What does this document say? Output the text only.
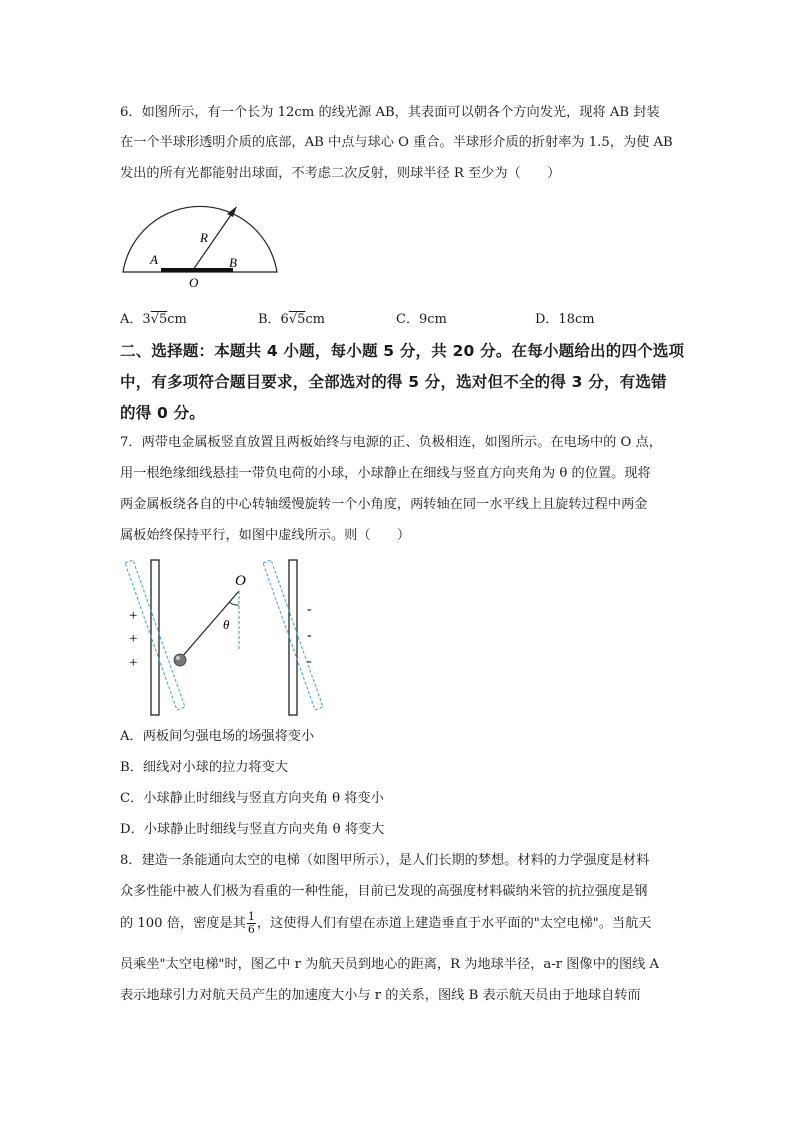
6．如图所示，有一个长为 12cm 的线光源 AB，其表面可以朝各个方向发光，现将 AB 封装
在一个半球形透明介质的底部，AB 中点与球心 O 重合。半球形介质的折射率为 1.5，为使 AB
发出的所有光都能射出球面，不考虑二次反射，则球半径 R 至少为（　　）
R
A	B
O
A．3√5cm	B．6√5cm	C．9cm	D．18cm
二、选择题：本题共 4 小题，每小题 5 分，共 20 分。在每小题给出的四个选项
中，有多项符合题目要求，全部选对的得 5 分，选对但不全的得 3 分，有选错
的得 0 分。
7．两带电金属板竖直放置且两板始终与电源的正、负极相连，如图所示。在电场中的 O 点，
用一根绝缘细线悬挂一带负电荷的小球，小球静止在细线与竖直方向夹角为 θ 的位置。现将
两金属板绕各自的中心转轴缓慢旋转一个小角度，两转轴在同一水平线上且旋转过程中两金
属板始终保持平行，如图中虚线所示。则（　　）
+
+
+
-
-
-
O
θ
A．两板间匀强电场的场强将变小
B．细线对小球的拉力将变大
C．小球静止时细线与竖直方向夹角 θ 将变小
D．小球静止时细线与竖直方向夹角 θ 将变大
8．建造一条能通向太空的电梯（如图甲所示），是人们长期的梦想。材料的力学强度是材料
众多性能中被人们极为看重的一种性能，目前已发现的高强度材料碳纳米管的抗拉强度是钢
的 100 倍，密度是其 $\frac{1}{6}$ ，这使得人们有望在赤道上建造垂直于水平面的"太空电梯"。当航天
员乘坐"太空电梯"时，图乙中 r 为航天员到地心的距离，R 为地球半径，a-r 图像中的图线 A
表示地球引力对航天员产生的加速度大小与 r 的关系，图线 B 表示航天员由于地球自转而
